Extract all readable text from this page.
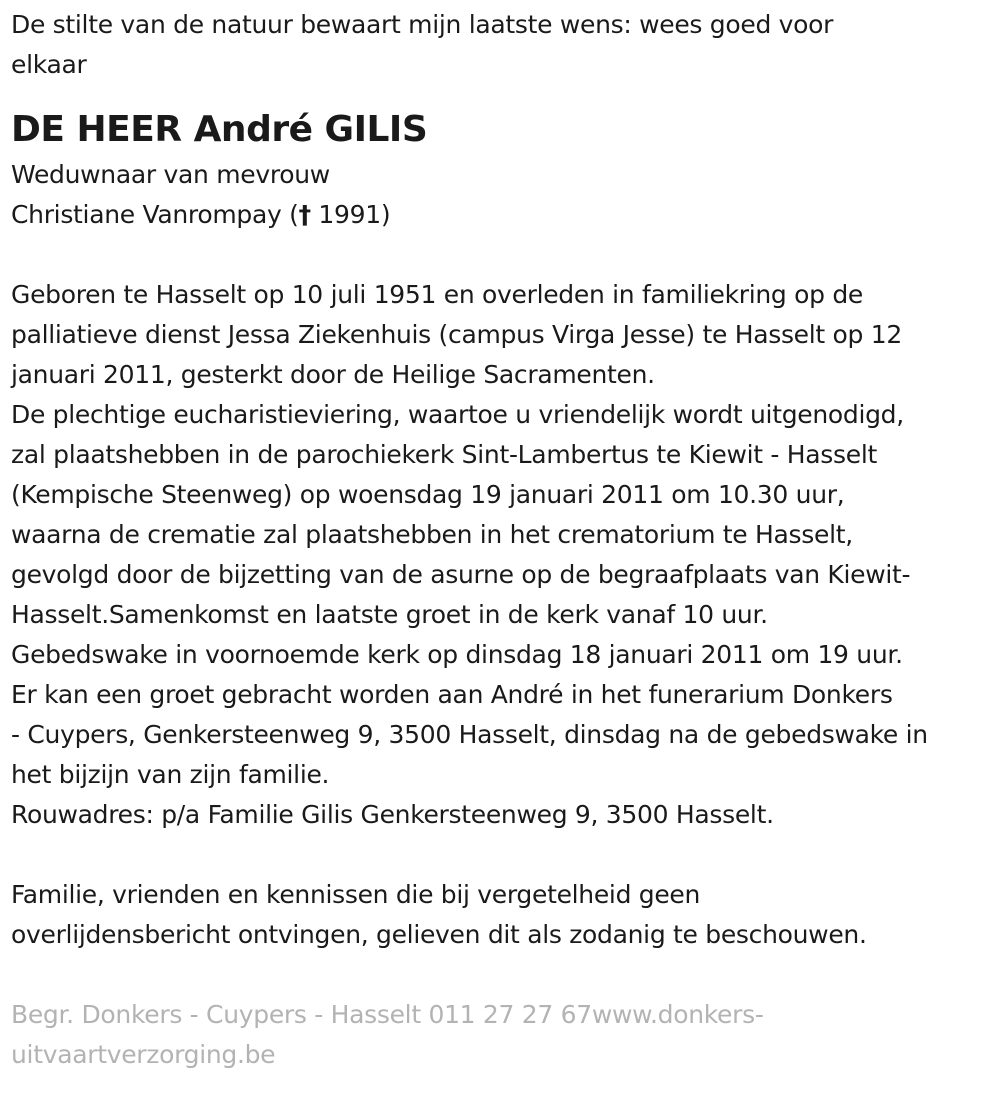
De stilte van de natuur bewaart mijn laatste wens: wees goed voor
elkaar
DE HEER André GILIS
Weduwnaar van mevrouw
Christiane Vanrompay († 1991)
Geboren te Hasselt op 10 juli 1951 en overleden in familiekring op de
palliatieve dienst Jessa Ziekenhuis (campus Virga Jesse) te Hasselt op 12
januari 2011, gesterkt door de Heilige Sacramenten.
De plechtige eucharistieviering, waartoe u vriendelijk wordt uitgenodigd,
zal plaatshebben in de parochiekerk Sint-Lambertus te Kiewit - Hasselt
(Kempische Steenweg) op woensdag 19 januari 2011 om 10.30 uur,
waarna de crematie zal plaatshebben in het crematorium te Hasselt,
gevolgd door de bijzetting van de asurne op de begraafplaats van Kiewit-
Hasselt.Samenkomst en laatste groet in de kerk vanaf 10 uur.
Gebedswake in voornoemde kerk op dinsdag 18 januari 2011 om 19 uur.
Er kan een groet gebracht worden aan André in het funerarium Donkers
- Cuypers, Genkersteenweg 9, 3500 Hasselt, dinsdag na de gebedswake in
het bijzijn van zijn familie.
Rouwadres: p/a Familie Gilis Genkersteenweg 9, 3500 Hasselt.
Familie, vrienden en kennissen die bij vergetelheid geen
overlijdensbericht ontvingen, gelieven dit als zodanig te beschouwen.
Begr. Donkers - Cuypers - Hasselt 011 27 27 67www.donkers-
uitvaartverzorging.be
